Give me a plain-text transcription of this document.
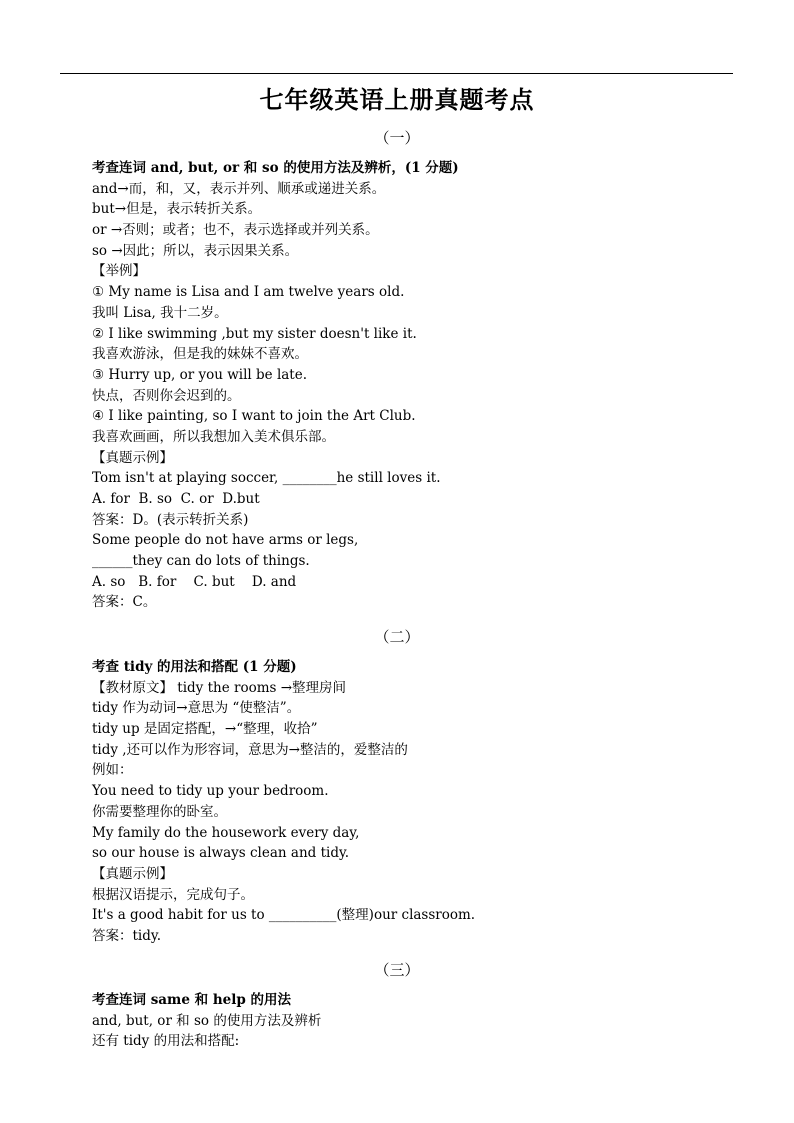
七年级英语上册真题考点
（一）
考查连词 and, but, or 和 so 的使用方法及辨析，(1 分题)
and→而，和，又，表示并列、顺承或递进关系。
but→但是，表示转折关系。
or →否则；或者；也不，表示选择或并列关系。
so →因此；所以，表示因果关系。
【举例】
① My name is Lisa and I am twelve years old.
我叫 Lisa, 我十二岁。
② I like swimming ,but my sister doesn't like it.
我喜欢游泳，但是我的妹妹不喜欢。
③ Hurry up, or you will be late.
快点，否则你会迟到的。
④ I like painting, so I want to join the Art Club.
我喜欢画画，所以我想加入美术俱乐部。
【真题示例】
Tom isn't at playing soccer, ________he still loves it.
A. for  B. so  C. or  D.but
答案：D。(表示转折关系)
Some people do not have arms or legs,
______they can do lots of things.
A. so   B. for    C. but    D. and
答案：C。
（二）
考查 tidy 的用法和搭配 (1 分题)
【教材原文】 tidy the rooms →整理房间
tidy 作为动词→意思为 “使整洁”。
tidy up 是固定搭配，→“整理，收拾”
tidy ,还可以作为形容词，意思为→整洁的，爱整洁的
例如：
You need to tidy up your bedroom.
你需要整理你的卧室。
My family do the housework every day,
so our house is always clean and tidy.
【真题示例】
根据汉语提示，完成句子。
It's a good habit for us to __________(整理)our classroom.
答案：tidy.
（三）
考查连词 same 和 help 的用法
and, but, or 和 so 的使用方法及辨析
还有 tidy 的用法和搭配:
